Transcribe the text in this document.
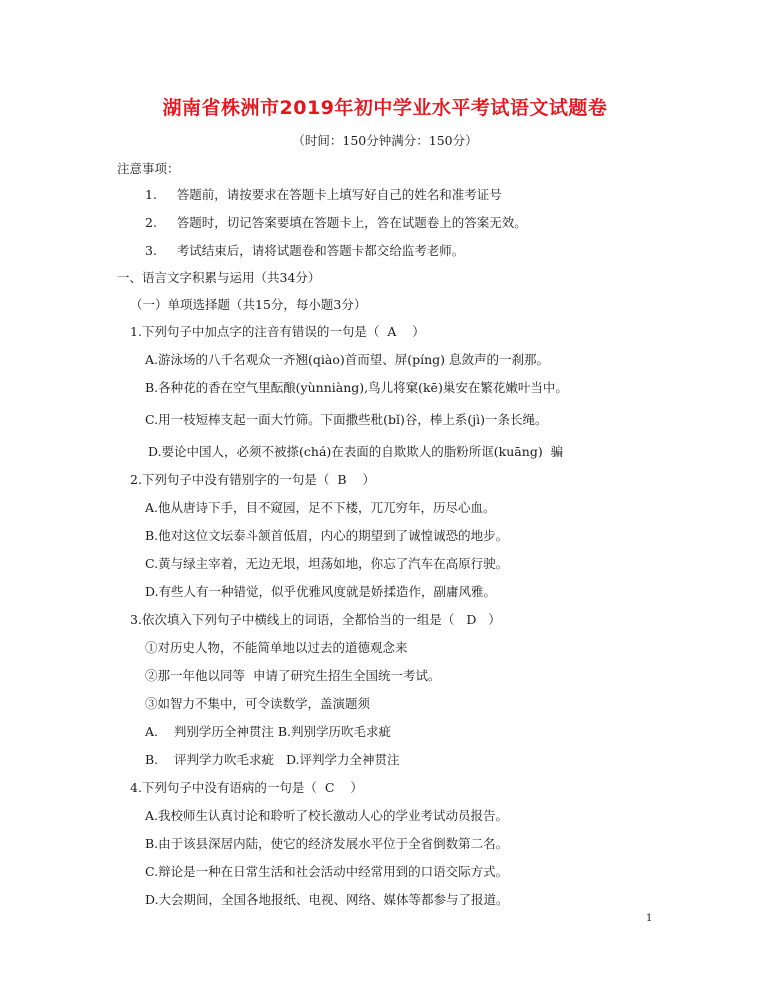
湖南省株洲市2019年初中学业水平考试语文试题卷
（时间：150分钟满分：150分）
注意事项：
1.     答题前，请按要求在答题卡上填写好自己的姓名和准考证号
2.     答题时，切记答案要填在答题卡上，答在试题卷上的答案无效。
3.     考试结束后，请将试题卷和答题卡都交给监考老师。
一、语言文字积累与运用（共34分）
（一）单项选择题（共15分，每小题3分）
1.下列句子中加点字的注音有错误的一句是（  A    ）
A.游泳场的八千名观众一齐翘(qiào)首而望、屏(píng) 息敛声的一刹那。
B.各种花的香在空气里酝酿(yùnniàng),鸟儿将窠(kē)巢安在繁花嫩叶当中。
C.用一枝短棒支起一面大竹筛。下面撒些秕(bǐ)谷，棒上系(jì)一条长绳。
D.要论中国人，必须不被搽(chá)在表面的自欺欺人的脂粉所诓(kuāng)  骗
2.下列句子中没有错别字的一句是（  B    ）
A.他从唐诗下手，目不窥园，足不下楼，兀兀穷年，历尽心血。
B.他对这位文坛泰斗颔首低眉，内心的期望到了诚惶诚恐的地步。
C.黄与绿主宰着，无边无垠，坦荡如地，你忘了汽车在高原行驶。
D.有些人有一种错觉，似乎优雅风度就是娇揉造作，副庸风雅。
3.依次填入下列句子中横线上的词语，全都恰当的一组是（   D   ）
①对历史人物，不能简单地以过去的道德观念来
②那一年他以同等  申请了研究生招生全国统一考试。
③如智力不集中，可令读数学，盖演题须
A.    判别学历全神贯注 B.判别学历吹毛求疵
B.    评判学力吹毛求疵   D.评判学力全神贯注
4.下列句子中没有语病的一句是（  C    ）
A.我校师生认真讨论和聆听了校长激动人心的学业考试动员报告。
B.由于该县深居内陆，使它的经济发展水平位于全省倒数第二名。
C.辩论是一种在日常生活和社会活动中经常用到的口语交际方式。
D.大会期间，全国各地报纸、电视、网络、媒体等都参与了报道。
1
